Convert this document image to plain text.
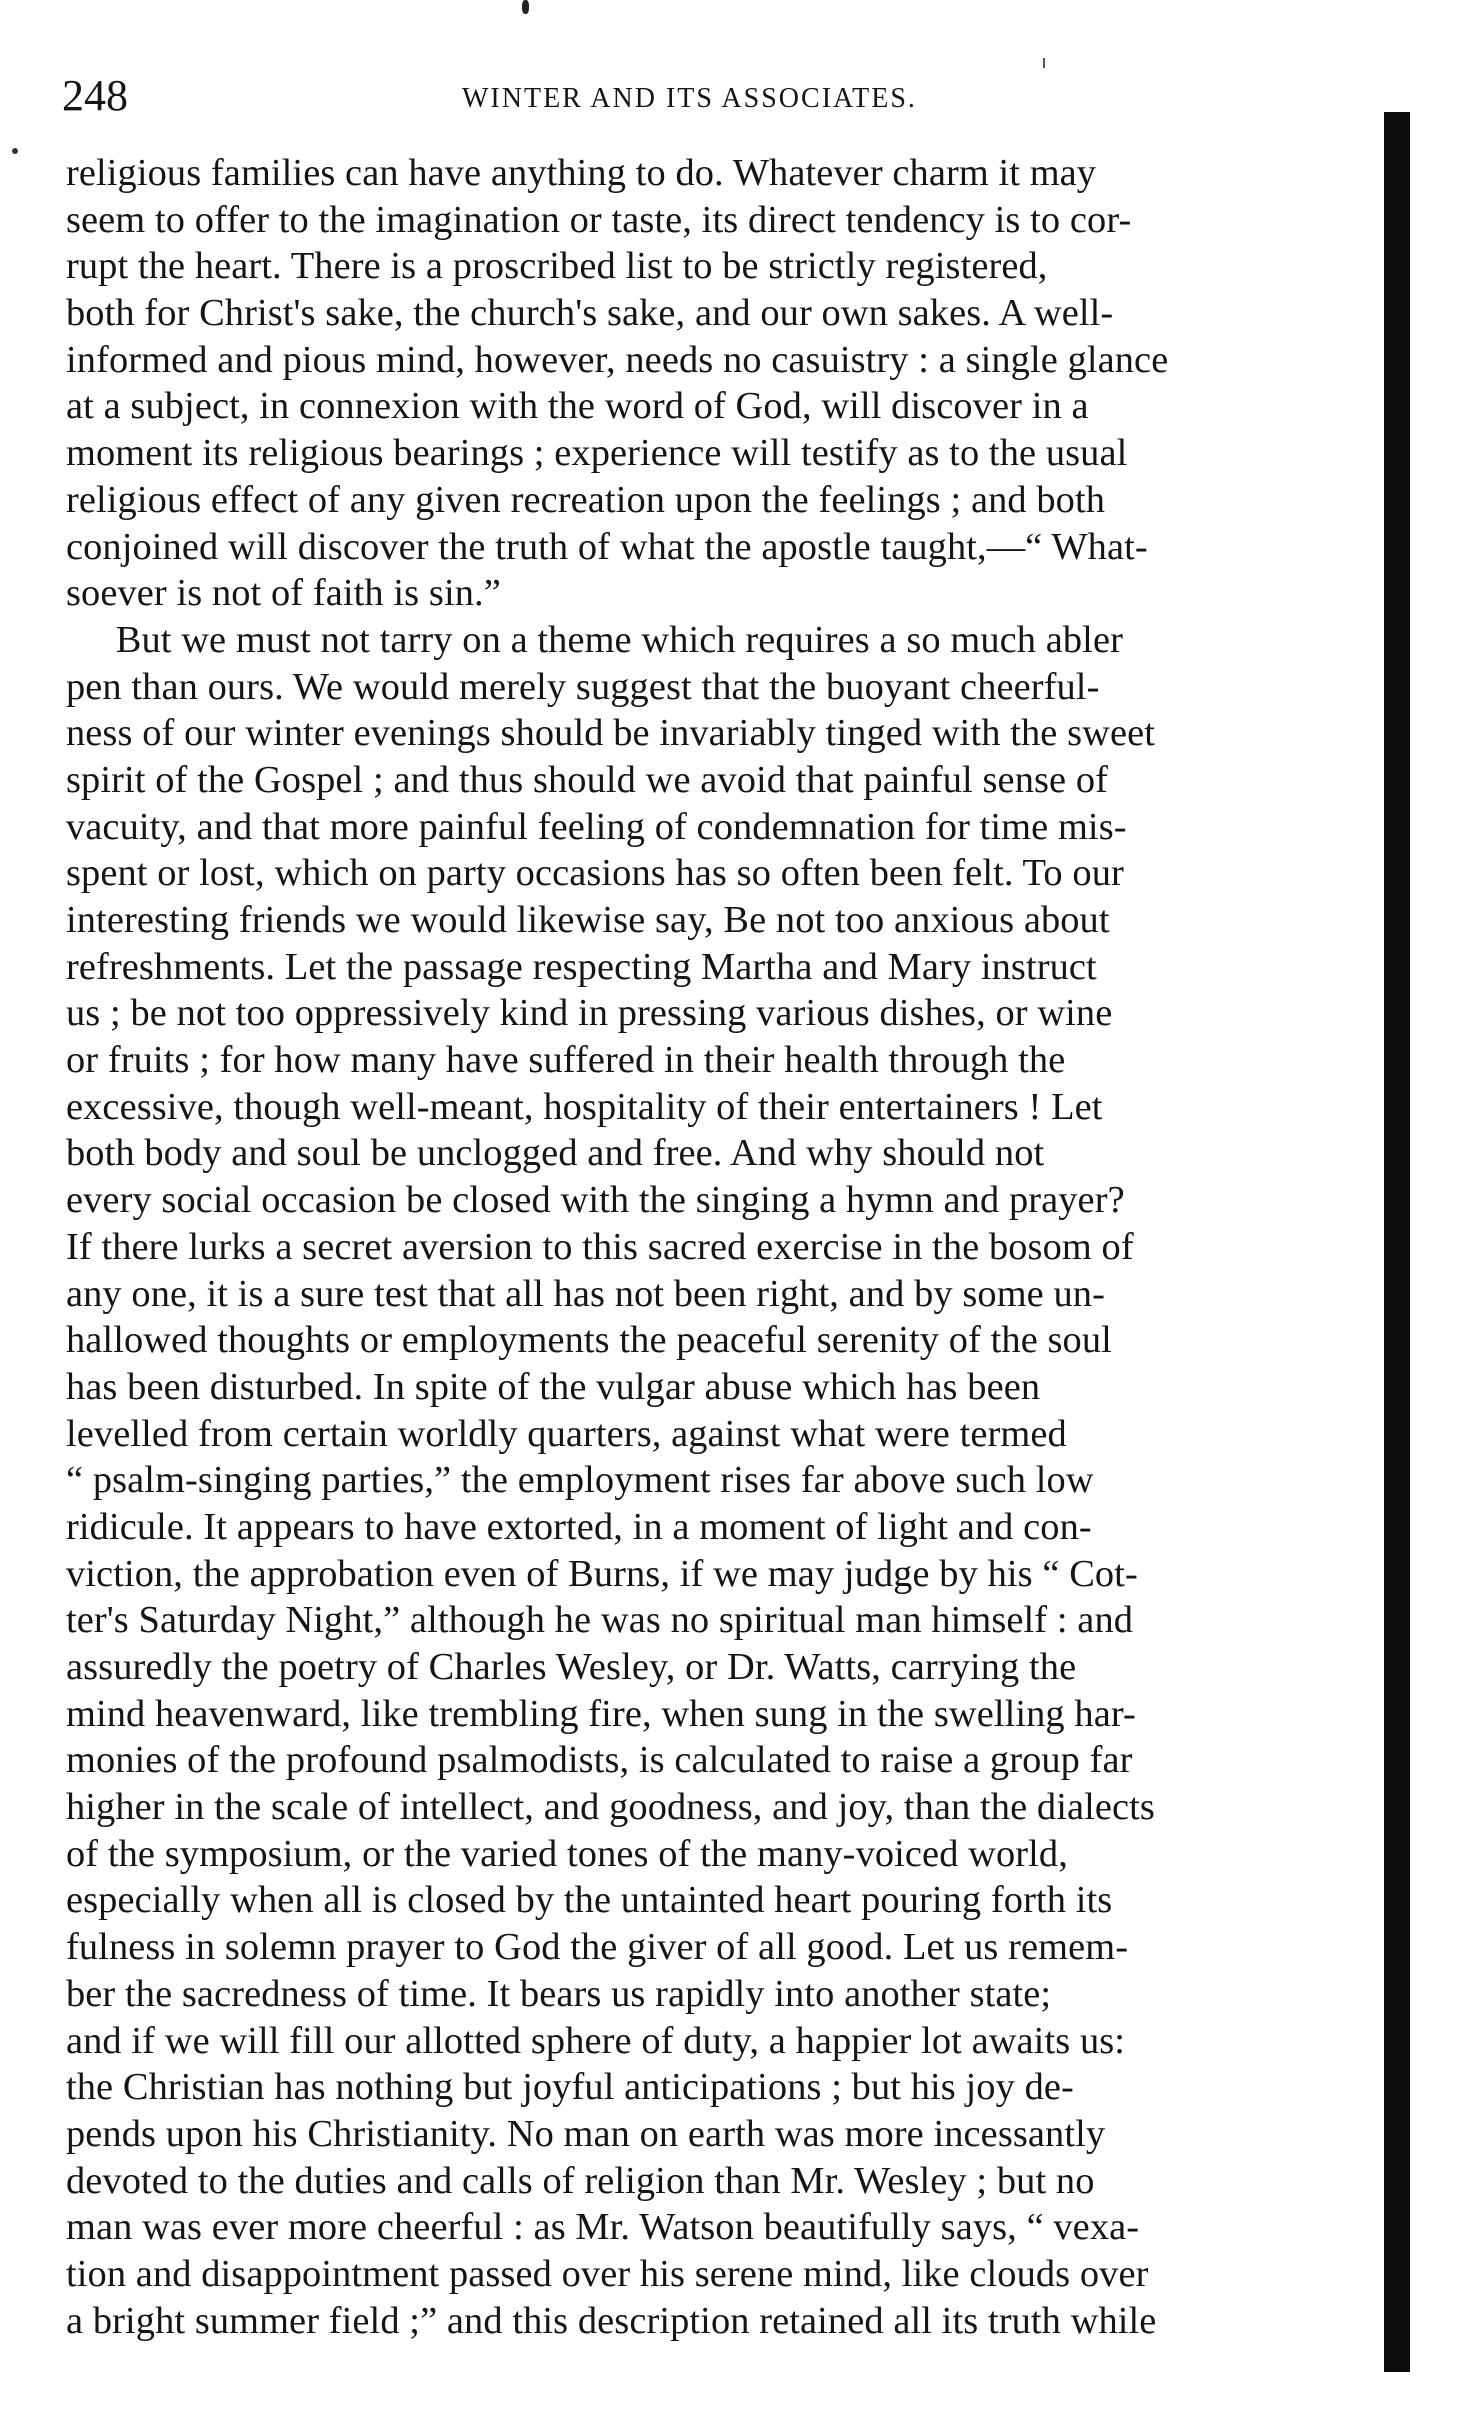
248	WINTER AND ITS ASSOCIATES.
religious families can have anything to do. Whatever charm it may
seem to offer to the imagination or taste, its direct tendency is to cor-
rupt the heart. There is a proscribed list to be strictly registered,
both for Christ's sake, the church's sake, and our own sakes. A well-
informed and pious mind, however, needs no casuistry : a single glance
at a subject, in connexion with the word of God, will discover in a
moment its religious bearings ; experience will testify as to the usual
religious effect of any given recreation upon the feelings ; and both
conjoined will discover the truth of what the apostle taught,—“ What-
soever is not of faith is sin.”
But we must not tarry on a theme which requires a so much abler
pen than ours. We would merely suggest that the buoyant cheerful-
ness of our winter evenings should be invariably tinged with the sweet
spirit of the Gospel ; and thus should we avoid that painful sense of
vacuity, and that more painful feeling of condemnation for time mis-
spent or lost, which on party occasions has so often been felt. To our
interesting friends we would likewise say, Be not too anxious about
refreshments. Let the passage respecting Martha and Mary instruct
us ; be not too oppressively kind in pressing various dishes, or wine
or fruits ; for how many have suffered in their health through the
excessive, though well-meant, hospitality of their entertainers ! Let
both body and soul be unclogged and free. And why should not
every social occasion be closed with the singing a hymn and prayer?
If there lurks a secret aversion to this sacred exercise in the bosom of
any one, it is a sure test that all has not been right, and by some un-
hallowed thoughts or employments the peaceful serenity of the soul
has been disturbed. In spite of the vulgar abuse which has been
levelled from certain worldly quarters, against what were termed
“ psalm-singing parties,” the employment rises far above such low
ridicule. It appears to have extorted, in a moment of light and con-
viction, the approbation even of Burns, if we may judge by his “ Cot-
ter's Saturday Night,” although he was no spiritual man himself : and
assuredly the poetry of Charles Wesley, or Dr. Watts, carrying the
mind heavenward, like trembling fire, when sung in the swelling har-
monies of the profound psalmodists, is calculated to raise a group far
higher in the scale of intellect, and goodness, and joy, than the dialects
of the symposium, or the varied tones of the many-voiced world,
especially when all is closed by the untainted heart pouring forth its
fulness in solemn prayer to God the giver of all good. Let us remem-
ber the sacredness of time. It bears us rapidly into another state;
and if we will fill our allotted sphere of duty, a happier lot awaits us:
the Christian has nothing but joyful anticipations ; but his joy de-
pends upon his Christianity. No man on earth was more incessantly
devoted to the duties and calls of religion than Mr. Wesley ; but no
man was ever more cheerful : as Mr. Watson beautifully says, “ vexa-
tion and disappointment passed over his serene mind, like clouds over
a bright summer field ;” and this description retained all its truth while
